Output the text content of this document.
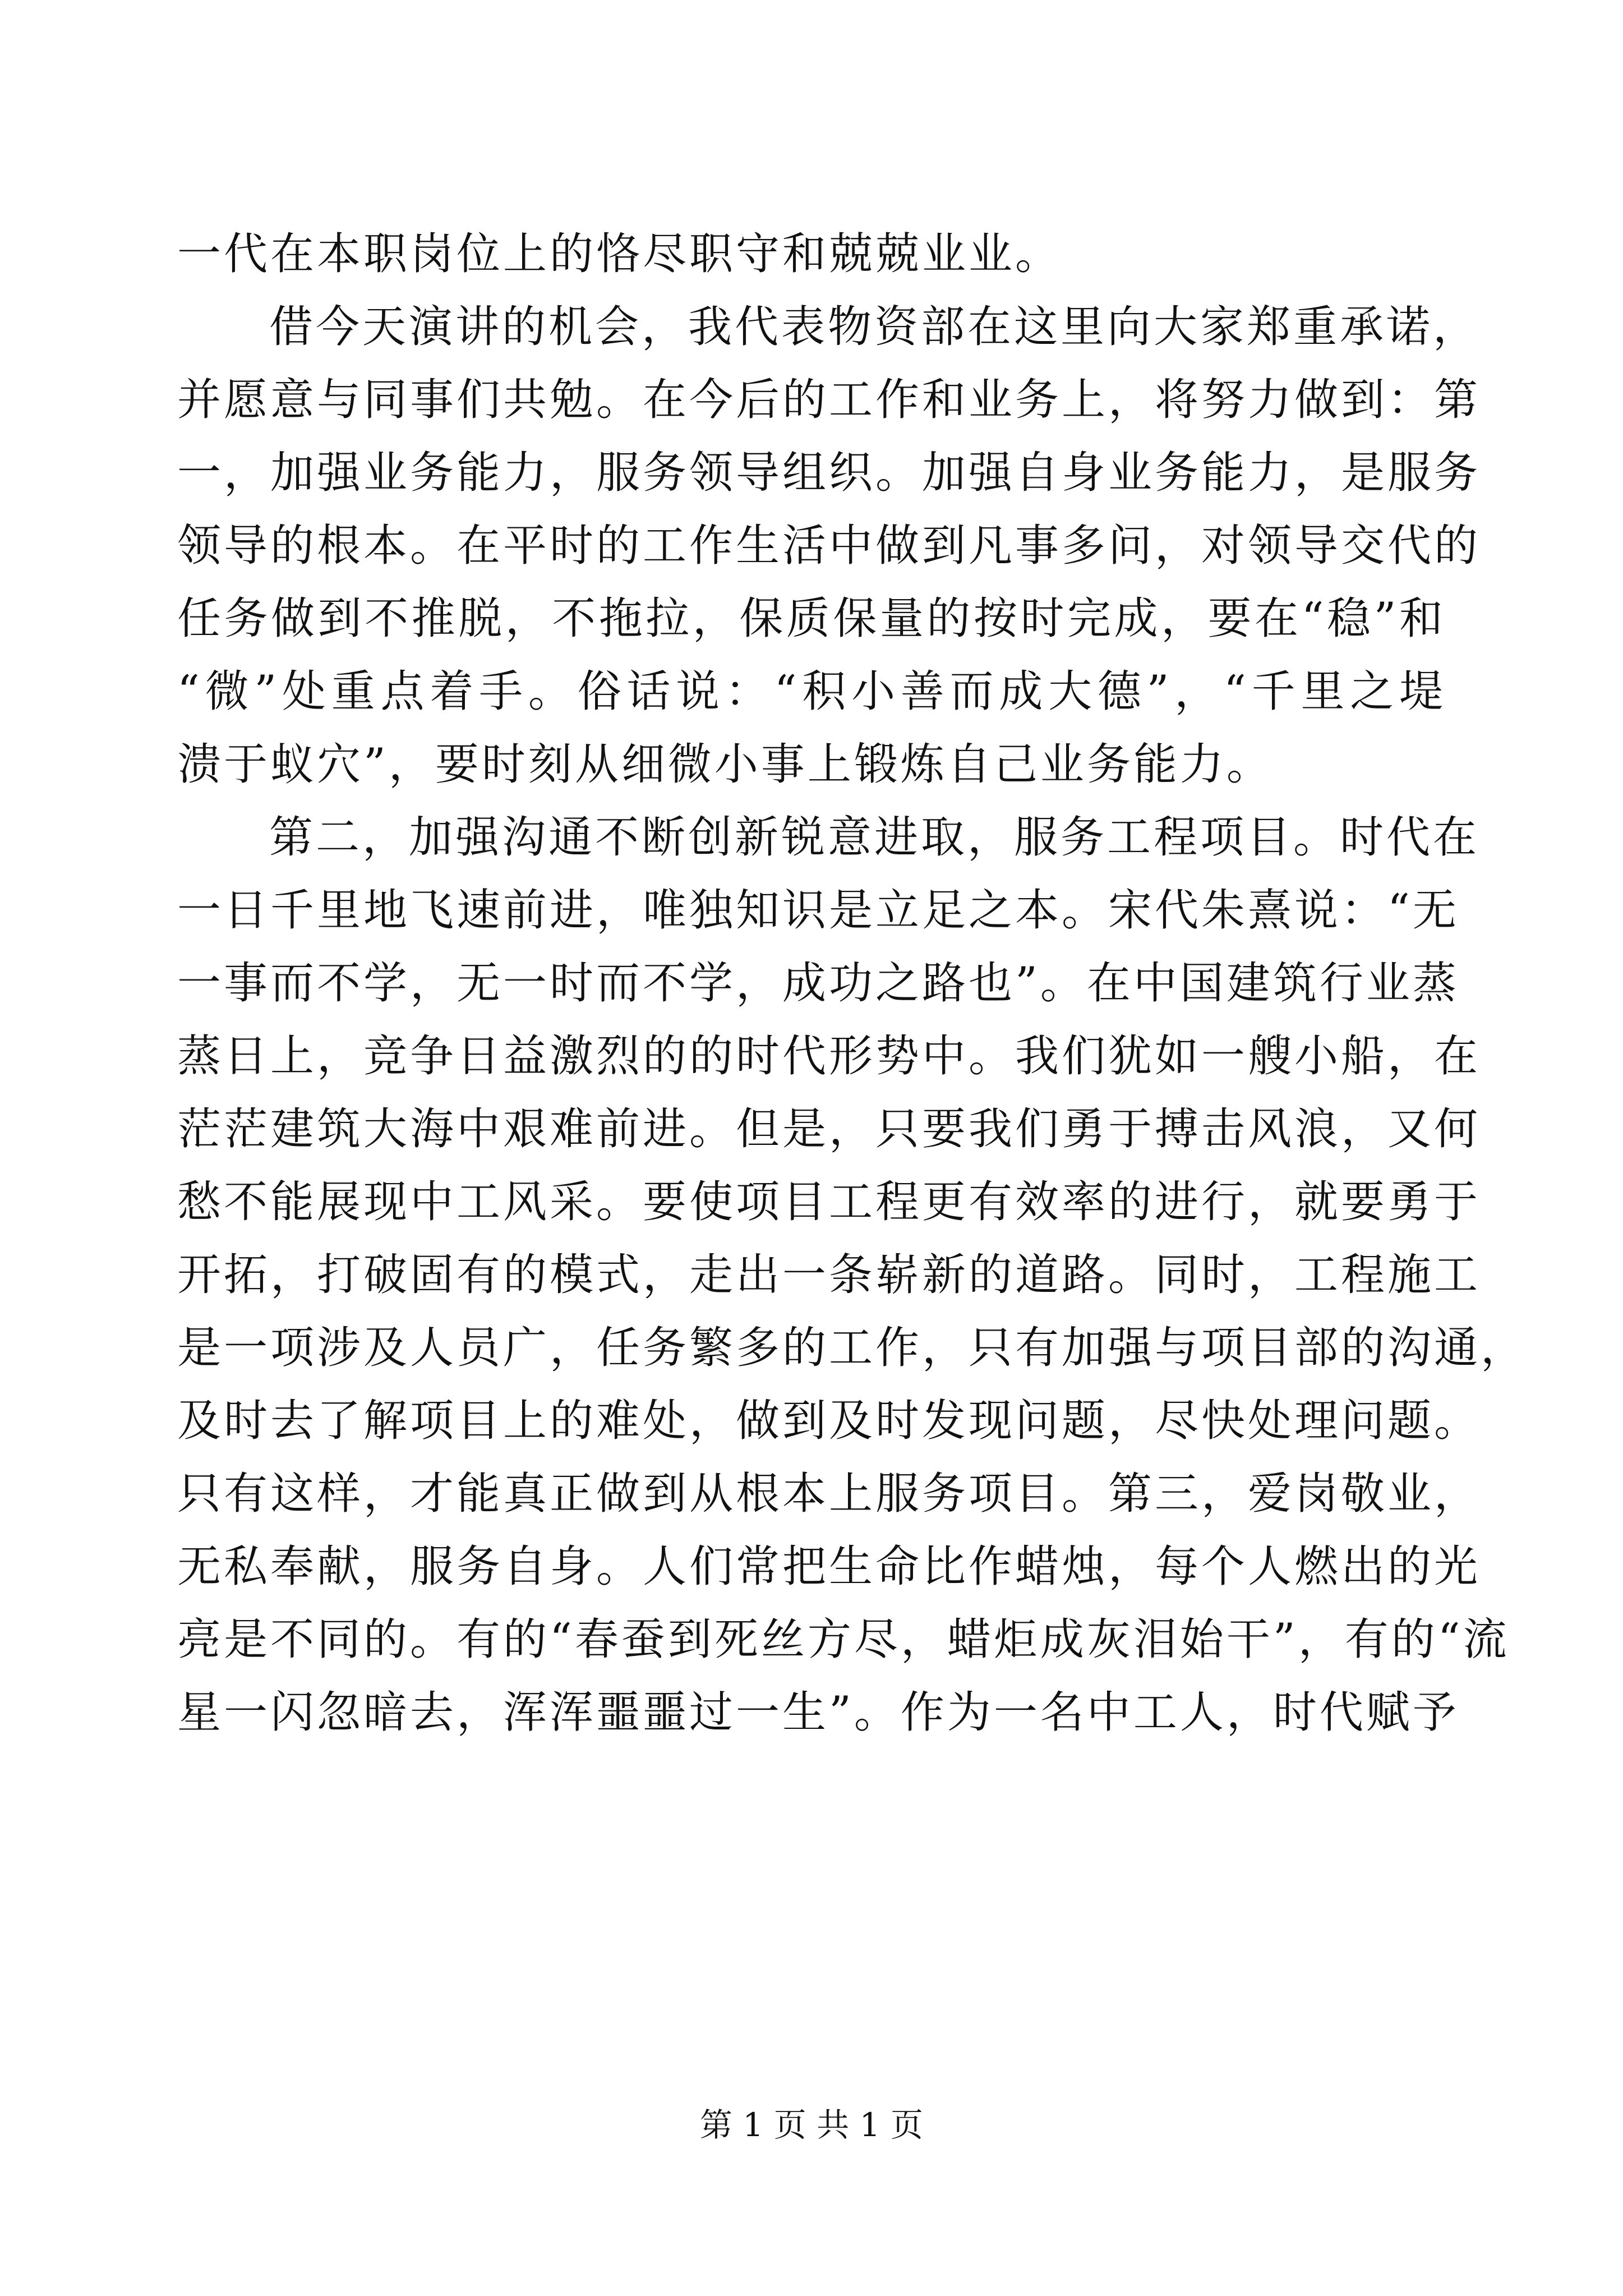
一代在本职岗位上的恪尽职守和兢兢业业。
借今天演讲的机会，我代表物资部在这里向大家郑重承诺，
并愿意与同事们共勉。在今后的工作和业务上，将努力做到：第
一，加强业务能力，服务领导组织。加强自身业务能力，是服务
领导的根本。在平时的工作生活中做到凡事多问，对领导交代的
任务做到不推脱，不拖拉，保质保量的按时完成，要在“稳”和
“微”处重点着手。俗话说：“积小善而成大德”，“千里之堤
溃于蚁穴”，要时刻从细微小事上锻炼自己业务能力。
第二，加强沟通不断创新锐意进取，服务工程项目。时代在
一日千里地飞速前进，唯独知识是立足之本。宋代朱熹说：“无
一事而不学，无一时而不学，成功之路也”。在中国建筑行业蒸
蒸日上，竞争日益激烈的的时代形势中。我们犹如一艘小船，在
茫茫建筑大海中艰难前进。但是，只要我们勇于搏击风浪，又何
愁不能展现中工风采。要使项目工程更有效率的进行，就要勇于
开拓，打破固有的模式，走出一条崭新的道路。同时，工程施工
是一项涉及人员广，任务繁多的工作，只有加强与项目部的沟通，
及时去了解项目上的难处，做到及时发现问题，尽快处理问题。
只有这样，才能真正做到从根本上服务项目。第三，爱岗敬业，
无私奉献，服务自身。人们常把生命比作蜡烛，每个人燃出的光
亮是不同的。有的“春蚕到死丝方尽，蜡炬成灰泪始干”，有的“流
星一闪忽暗去，浑浑噩噩过一生”。作为一名中工人，时代赋予
第 1 页 共 1 页
